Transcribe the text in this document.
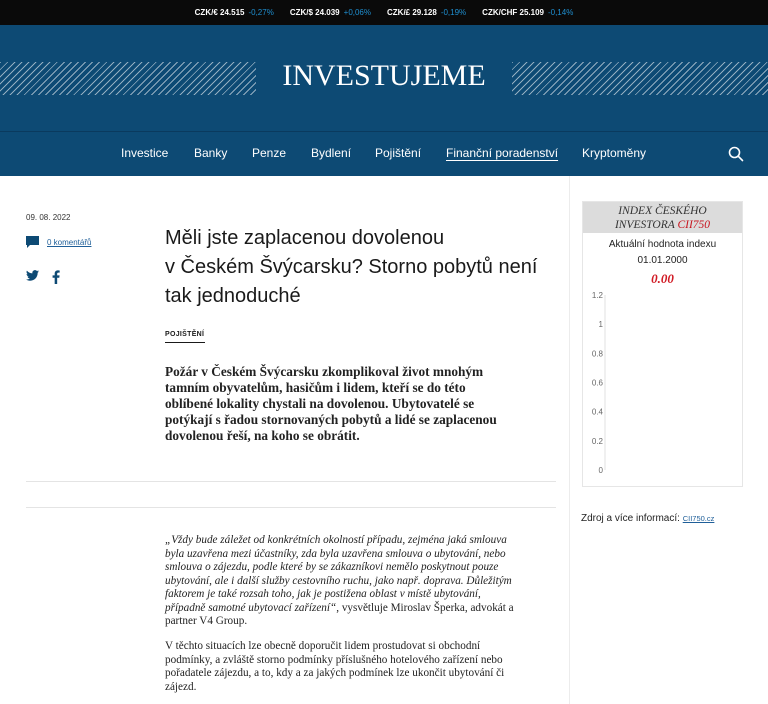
CZK/€ 24.515 -0,27% CZK/$ 24.039 +0,06% CZK/£ 29.128 -0,19% CZK/CHF 25.109 -0,14%
INVESTUJEME
Investice Banky Penze Bydlení Pojištění Finanční poradenství Kryptoměny
09. 08. 2022
0 komentářů	Měli jste zaplacenou dovolenou
v Českém Švýcarsku? Storno pobytů není
tak jednoduché
POJIŠTĚNÍ
Požár v Českém Švýcarsku zkomplikoval život mnohým
tamním obyvatelům, hasičům i lidem, kteří se do této
oblíbené lokality chystali na dovolenou. Ubytovatelé se
potýkají s řadou stornovaných pobytů a lidé se zaplacenou
dovolenou řeší, na koho se obrátit.
„Vždy bude záležet od konkrétních okolností případu, zejména jaká smlouva
byla uzavřena mezi účastníky, zda byla uzavřena smlouva o ubytování, nebo
smlouva o zájezdu, podle které by se zákazníkovi nemělo poskytnout pouze
ubytování, ale i další služby cestovního ruchu, jako např. doprava. Důležitým
faktorem je také rozsah toho, jak je postižena oblast v místě ubytování,
případně samotné ubytovací zařízení“, vysvětluje Miroslav Šperka, advokát a
partner V4 Group.
V těchto situacích lze obecně doporučit lidem prostudovat si obchodní
podmínky, a zvláště storno podmínky příslušného hotelového zařízení nebo
pořadatele zájezdu, a to, kdy a za jakých podmínek lze ukončit ubytování či
zájezd.
INDEX ČESKÉHO
INVESTORA CII750
Aktuální hodnota indexu
01.01.2000
0.00
1.2
1
0.8
0.6
0.4
0.2
0
Zdroj a více informací: CII750.cz
